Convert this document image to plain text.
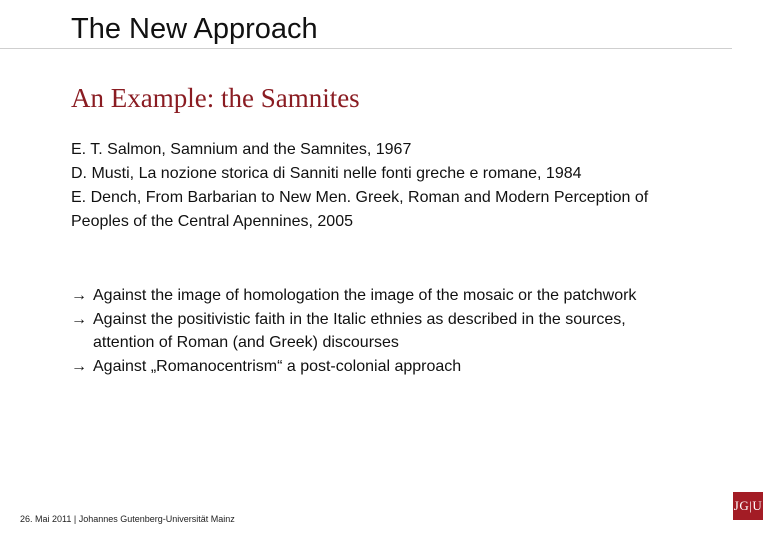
The New Approach
An Example: the Samnites

E. T. Salmon, Samnium and the Samnites, 1967

D. Musti, La nozione storica di Sanniti nelle fonti greche e romane, 1984

E. Dench, From Barbarian to New Men. Greek, Roman and Modern Perception of Peoples of the Central Apennines, 2005

→ Against the image of homologation the image of the mosaic or the patchwork
→ Against the positivistic faith in the Italic ethnies as described in the sources, attention of Roman (and Greek) discourses
→ Against „Romanocentrism“ a post-colonial approach
26. Mai 2011 | Johannes Gutenberg-Universität Mainz
JG|U
